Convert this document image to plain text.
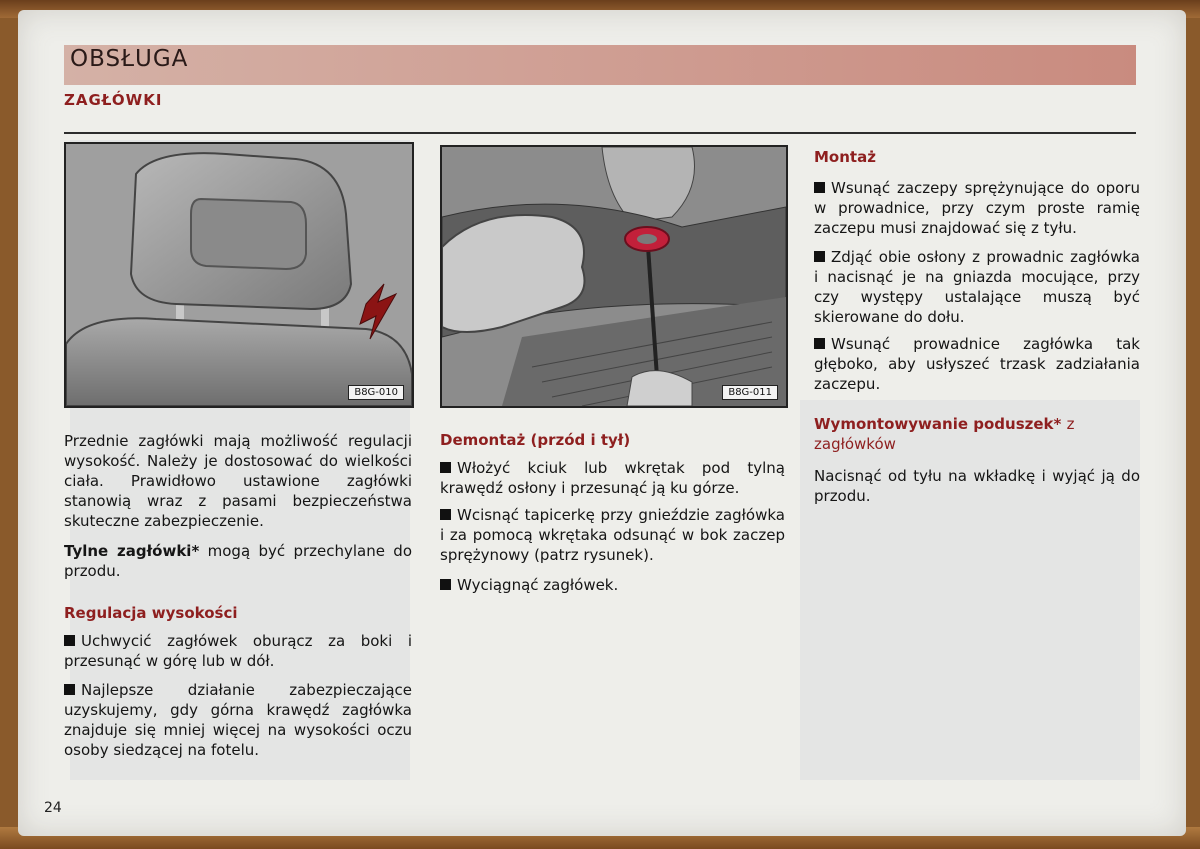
OBSŁUGA
ZAGŁÓWKI
B8G-010	B8G-011
Przednie zagłówki mają możliwość regulacji wysokość. Należy je dostosować do wielkości ciała. Prawidłowo ustawione zagłówki stanowią wraz z pasami bezpieczeństwa skuteczne zabezpieczenie.
Tylne zagłówki* mogą być przechylane do przodu.
Regulacja wysokości
Uchwycić zagłówek oburącz za boki i przesunąć w górę lub w dół.
Najlepsze działanie zabezpieczające uzyskujemy, gdy górna krawędź zagłówka znajduje się mniej więcej na wysokości oczu osoby siedzącej na fotelu.
Demontaż (przód i tył)
Włożyć kciuk lub wkrętak pod tylną krawędź osłony i przesunąć ją ku górze.
Wcisnąć tapicerkę przy gnieździe zagłówka i za pomocą wkrętaka odsunąć w bok zaczep sprężynowy (patrz rysunek).
Wyciągnąć zagłówek.
Montaż
Wsunąć zaczepy sprężynujące do oporu w prowadnice, przy czym proste ramię zaczepu musi znajdować się z tyłu.
Zdjąć obie osłony z prowadnic zagłówka i nacisnąć je na gniazda mocujące, przy czy występy ustalające muszą być skierowane do dołu.
Wsunąć prowadnice zagłówka tak głęboko, aby usłyszeć trzask zadziałania zaczepu.
Wymontowywanie poduszek* z zagłówków
Nacisnąć od tyłu na wkładkę i wyjąć ją do przodu.
24
